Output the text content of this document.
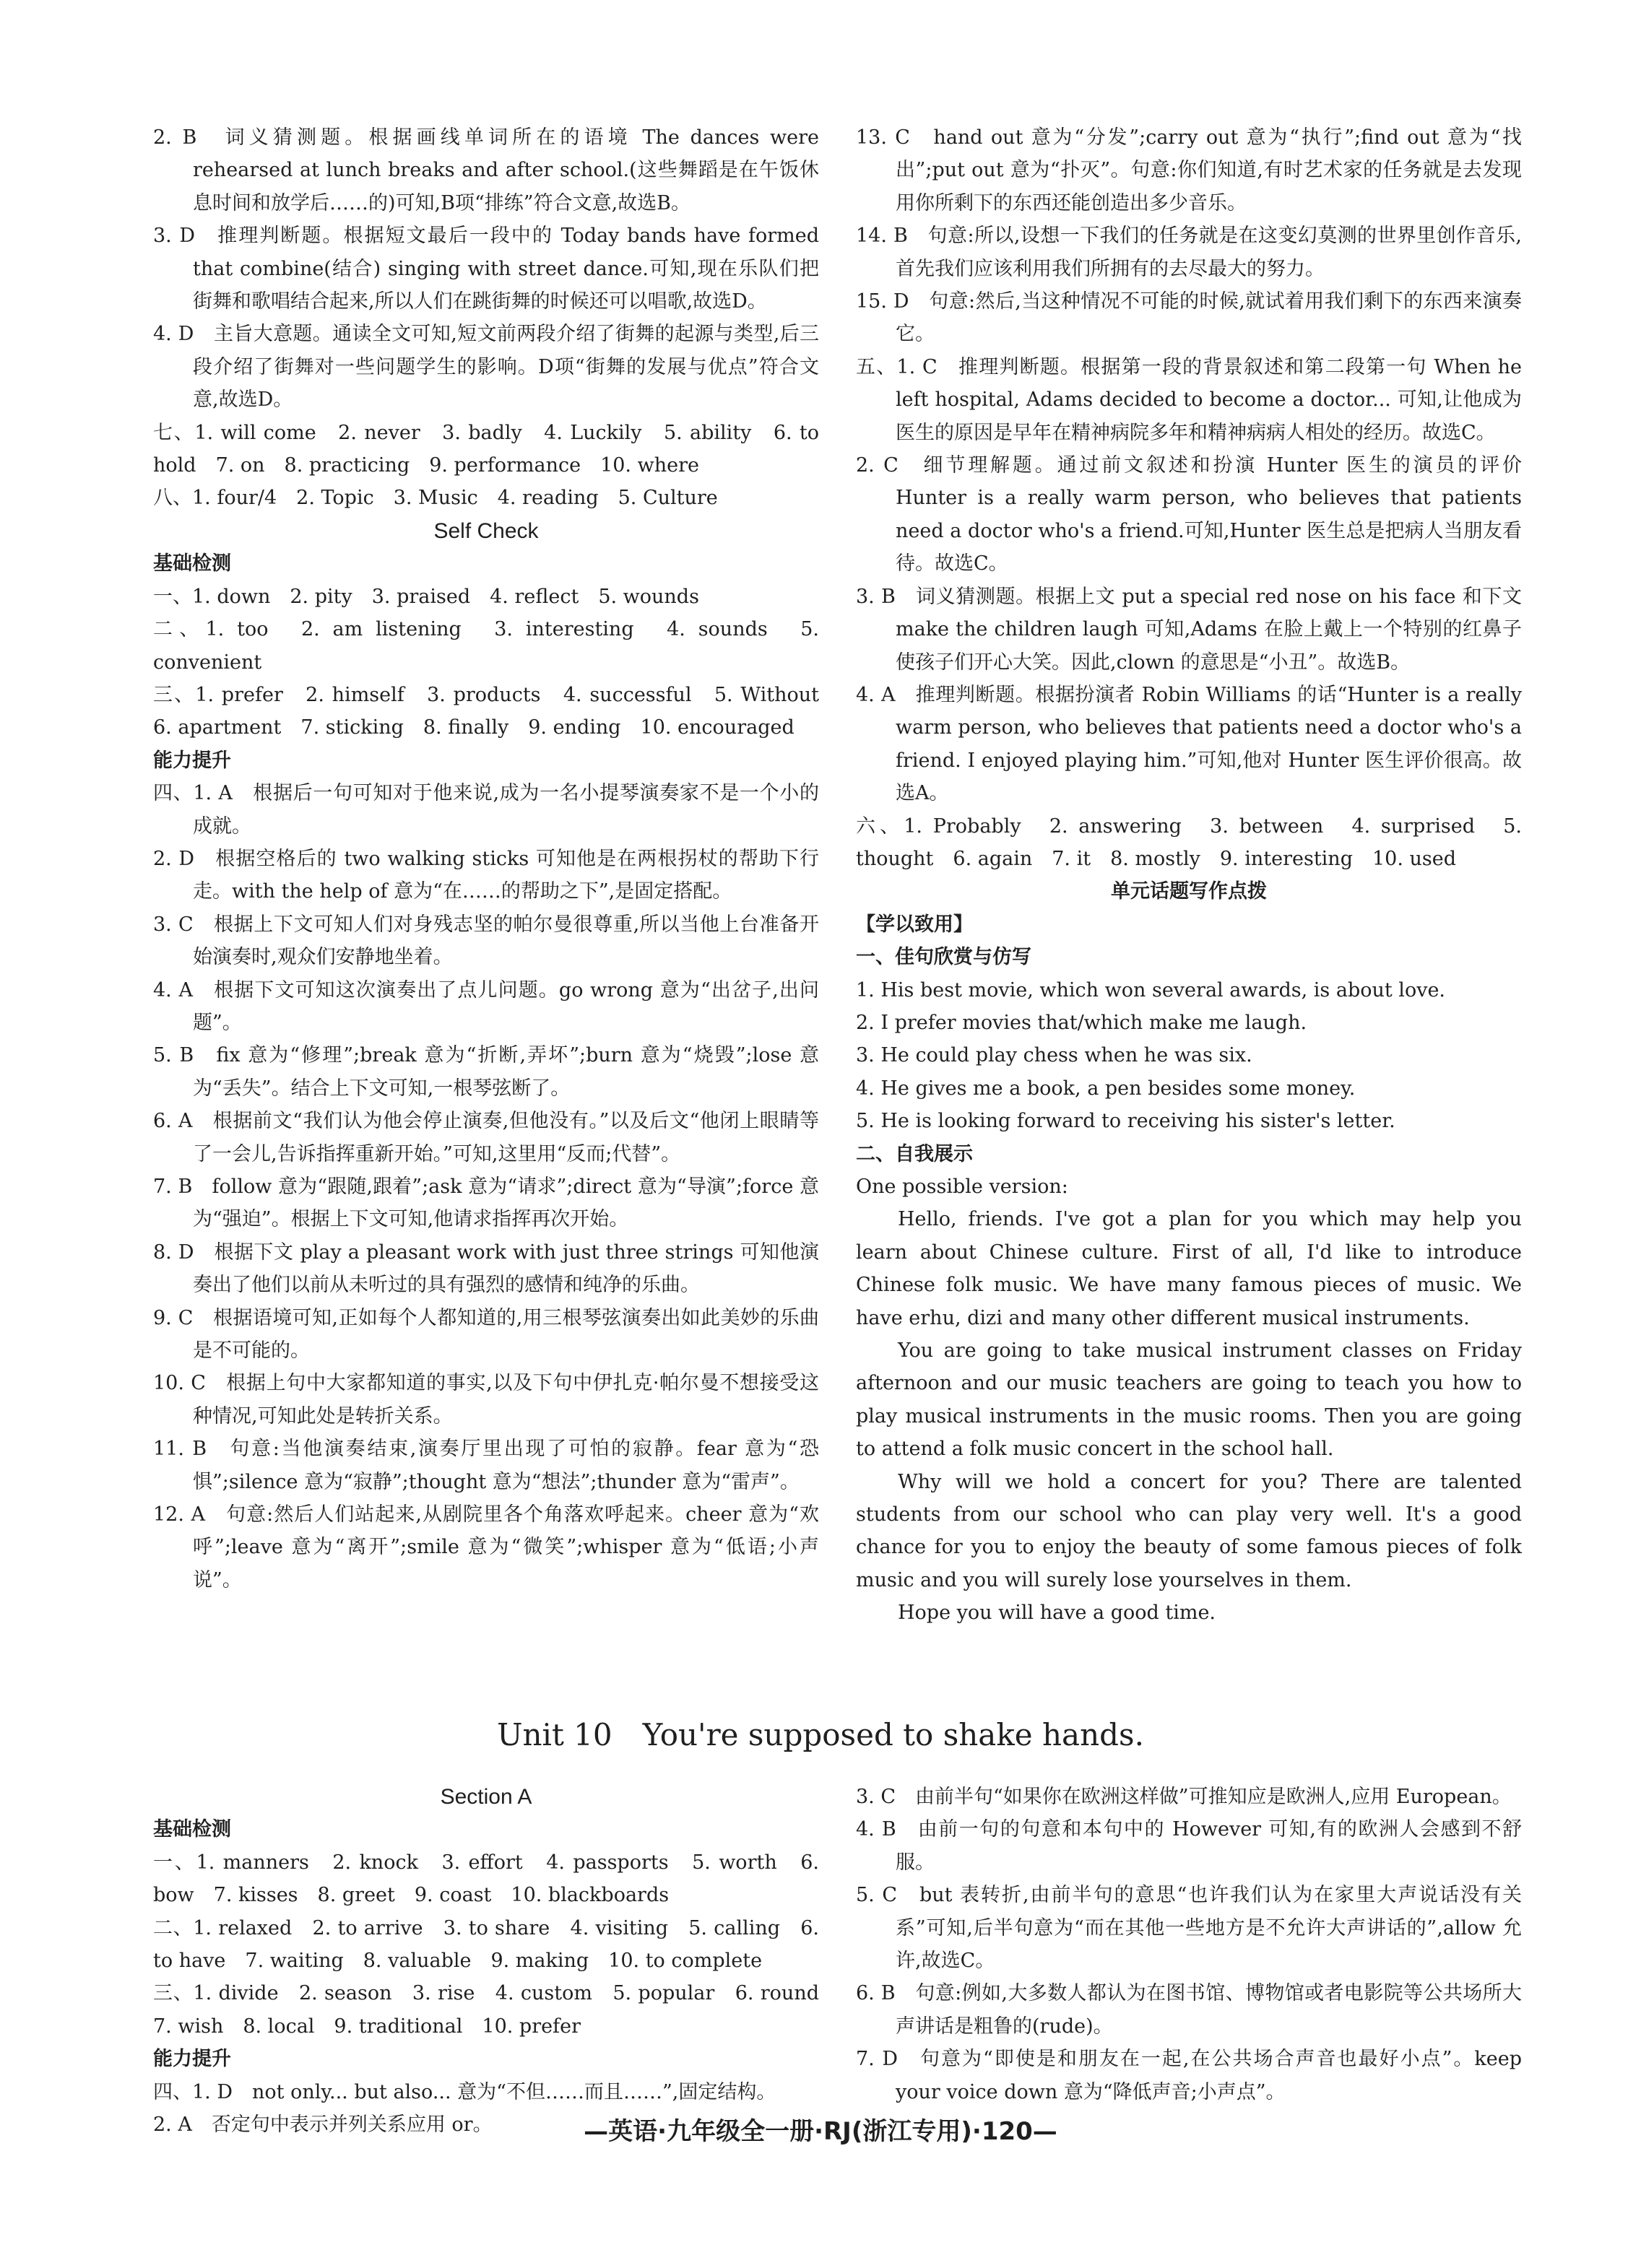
2. B　词义猜测题。根据画线单词所在的语境 The dances were rehearsed at lunch breaks and after school.(这些舞蹈是在午饭休息时间和放学后……的)可知,B项“排练”符合文意,故选B。

3. D　推理判断题。根据短文最后一段中的 Today bands have formed that combine(结合) singing with street dance.可知,现在乐队们把街舞和歌唱结合起来,所以人们在跳街舞的时候还可以唱歌,故选D。

4. D　主旨大意题。通读全文可知,短文前两段介绍了街舞的起源与类型,后三段介绍了街舞对一些问题学生的影响。D项“街舞的发展与优点”符合文意,故选D。

七、1. will come　2. never　3. badly　4. Luckily　5. ability　6. to hold　7. on　8. practicing　9. performance　10. where

八、1. four/4　2. Topic　3. Music　4. reading　5. Culture

Self Check

基础检测

一、1. down　2. pity　3. praised　4. reflect　5. wounds

二、1. too　2. am listening　3. interesting　4. sounds　5. convenient

三、1. prefer　2. himself　3. products　4. successful　5. Without　6. apartment　7. sticking　8. finally　9. ending　10. encouraged

能力提升

四、1. A　根据后一句可知对于他来说,成为一名小提琴演奏家不是一个小的成就。

2. D　根据空格后的 two walking sticks 可知他是在两根拐杖的帮助下行走。with the help of 意为“在……的帮助之下”,是固定搭配。

3. C　根据上下文可知人们对身残志坚的帕尔曼很尊重,所以当他上台准备开始演奏时,观众们安静地坐着。

4. A　根据下文可知这次演奏出了点儿问题。go wrong 意为“出岔子,出问题”。

5. B　fix 意为“修理”;break 意为“折断,弄坏”;burn 意为“烧毁”;lose 意为“丢失”。结合上下文可知,一根琴弦断了。

6. A　根据前文“我们认为他会停止演奏,但他没有。”以及后文“他闭上眼睛等了一会儿,告诉指挥重新开始。”可知,这里用“反而;代替”。

7. B　follow 意为“跟随,跟着”;ask 意为“请求”;direct 意为“导演”;force 意为“强迫”。根据上下文可知,他请求指挥再次开始。

8. D　根据下文 play a pleasant work with just three strings 可知他演奏出了他们以前从未听过的具有强烈的感情和纯净的乐曲。

9. C　根据语境可知,正如每个人都知道的,用三根琴弦演奏出如此美妙的乐曲是不可能的。

10. C　根据上句中大家都知道的事实,以及下句中伊扎克·帕尔曼不想接受这种情况,可知此处是转折关系。

11. B　句意:当他演奏结束,演奏厅里出现了可怕的寂静。fear 意为“恐惧”;silence 意为“寂静”;thought 意为“想法”;thunder 意为“雷声”。

12. A　句意:然后人们站起来,从剧院里各个角落欢呼起来。cheer 意为“欢呼”;leave 意为“离开”;smile 意为“微笑”;whisper 意为“低语;小声说”。

13. C　hand out 意为“分发”;carry out 意为“执行”;find out 意为“找出”;put out 意为“扑灭”。句意:你们知道,有时艺术家的任务就是去发现用你所剩下的东西还能创造出多少音乐。

14. B　句意:所以,设想一下我们的任务就是在这变幻莫测的世界里创作音乐,首先我们应该利用我们所拥有的去尽最大的努力。

15. D　句意:然后,当这种情况不可能的时候,就试着用我们剩下的东西来演奏它。

五、1. C　推理判断题。根据第一段的背景叙述和第二段第一句 When he left hospital, Adams decided to become a doctor... 可知,让他成为医生的原因是早年在精神病院多年和精神病病人相处的经历。故选C。

2. C　细节理解题。通过前文叙述和扮演 Hunter 医生的演员的评价 Hunter is a really warm person, who believes that patients need a doctor who's a friend.可知,Hunter 医生总是把病人当朋友看待。故选C。

3. B　词义猜测题。根据上文 put a special red nose on his face 和下文 make the children laugh 可知,Adams 在脸上戴上一个特别的红鼻子使孩子们开心大笑。因此,clown 的意思是“小丑”。故选B。

4. A　推理判断题。根据扮演者 Robin Williams 的话“Hunter is a really warm person, who believes that patients need a doctor who's a friend. I enjoyed playing him.”可知,他对 Hunter 医生评价很高。故选A。

六、1. Probably　2. answering　3. between　4. surprised　5. thought　6. again　7. it　8. mostly　9. interesting　10. used

单元话题写作点拨

【学以致用】

一、佳句欣赏与仿写

1. His best movie, which won several awards, is about love.

2. I prefer movies that/which make me laugh.

3. He could play chess when he was six.

4. He gives me a book, a pen besides some money.

5. He is looking forward to receiving his sister's letter.

二、自我展示

One possible version:

Hello, friends. I've got a plan for you which may help you learn about Chinese culture. First of all, I'd like to introduce Chinese folk music. We have many famous pieces of music. We have erhu, dizi and many other different musical instruments.

You are going to take musical instrument classes on Friday afternoon and our music teachers are going to teach you how to play musical instruments in the music rooms. Then you are going to attend a folk music concert in the school hall.

Why will we hold a concert for you? There are talented students from our school who can play very well. It's a good chance for you to enjoy the beauty of some famous pieces of folk music and you will surely lose yourselves in them.

Hope you will have a good time.

Unit 10　You're supposed to shake hands.

Section A

基础检测

一、1. manners　2. knock　3. effort　4. passports　5. worth　6. bow　7. kisses　8. greet　9. coast　10. blackboards

二、1. relaxed　2. to arrive　3. to share　4. visiting　5. calling　6. to have　7. waiting　8. valuable　9. making　10. to complete

三、1. divide　2. season　3. rise　4. custom　5. popular　6. round　7. wish　8. local　9. traditional　10. prefer

能力提升

四、1. D　not only... but also... 意为“不但……而且……”,固定结构。

2. A　否定句中表示并列关系应用 or。

3. C　由前半句“如果你在欧洲这样做”可推知应是欧洲人,应用 European。

4. B　由前一句的句意和本句中的 However 可知,有的欧洲人会感到不舒服。

5. C　but 表转折,由前半句的意思“也许我们认为在家里大声说话没有关系”可知,后半句意为“而在其他一些地方是不允许大声讲话的”,allow 允许,故选C。

6. B　句意:例如,大多数人都认为在图书馆、博物馆或者电影院等公共场所大声讲话是粗鲁的(rude)。

7. D　句意为“即使是和朋友在一起,在公共场合声音也最好小点”。keep your voice down 意为“降低声音;小声点”。

—英语·九年级全一册·RJ(浙江专用)·120—
